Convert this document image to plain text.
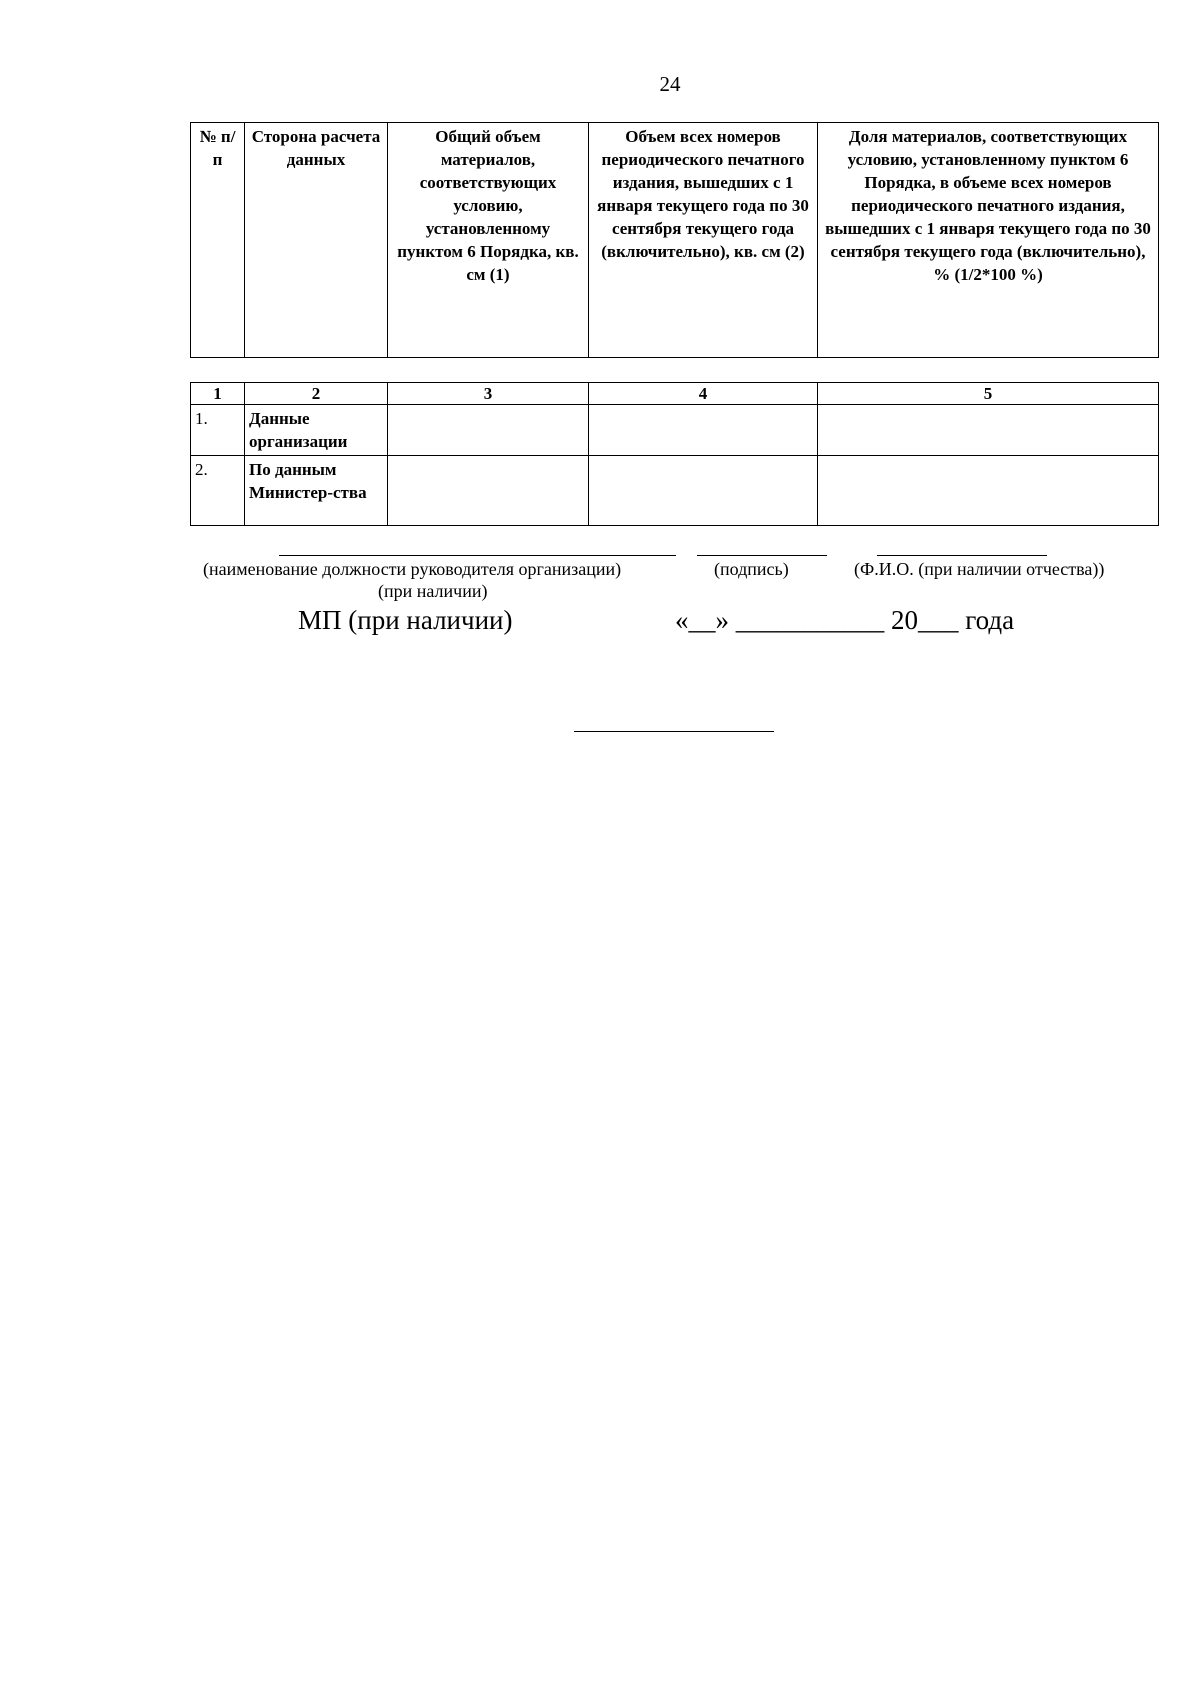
24
№ п/п	Сторона расчета данных	Общий объем материалов, соответствующих условию, установленному пунктом 6 Порядка, кв. см (1)	Объем всех номеров периодического печатного издания, вышедших с 1 января текущего года по 30 сентября текущего года (включительно), кв. см (2)	Доля материалов, соответствующих условию, установленному пунктом 6 Порядка, в объеме всех номеров периодического печатного издания, вышедших с 1 января текущего года по 30 сентября текущего года (включительно), % (1/2*100 %)
1	2	3	4	5
1.	Данные организации			
2.	По данным Министер-ства			
(наименование должности руководителя организации)
(при наличии)
(подпись)	(Ф.И.О. (при наличии отчества))
МП (при наличии)	«__» ___________ 20___ года
